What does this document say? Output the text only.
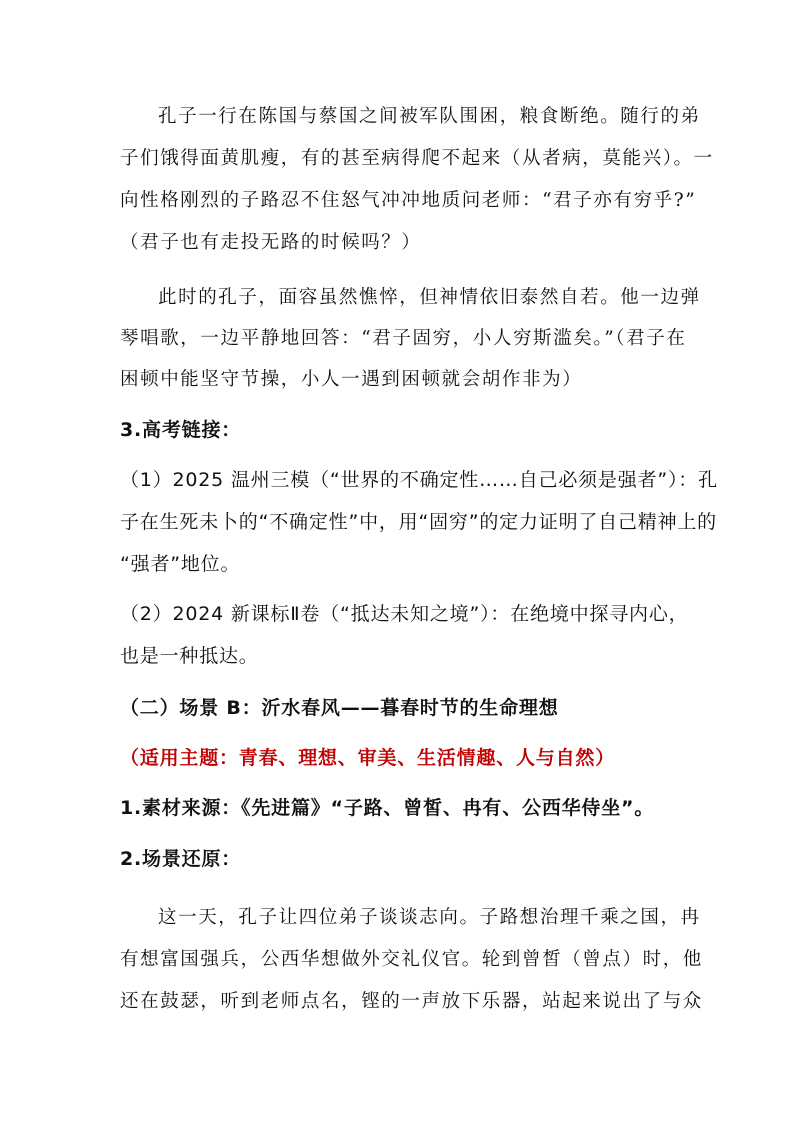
孔子一行在陈国与蔡国之间被军队围困，粮食断绝。随行的弟
子们饿得面黄肌瘦，有的甚至病得爬不起来（从者病，莫能兴）。一
向性格刚烈的子路忍不住怒气冲冲地质问老师：“君子亦有穷乎?”
（君子也有走投无路的时候吗？）
此时的孔子，面容虽然憔悴，但神情依旧泰然自若。他一边弹
琴唱歌，一边平静地回答：“君子固穷，小人穷斯滥矣。”（君子在
困顿中能坚守节操，小人一遇到困顿就会胡作非为）
3.高考链接：
（1）2025 温州三模（“世界的不确定性……自己必须是强者”）：孔
子在生死未卜的“不确定性”中，用“固穷”的定力证明了自己精神上的
“强者”地位。
（2）2024 新课标Ⅱ卷（“抵达未知之境”）：在绝境中探寻内心，
也是一种抵达。
（二）场景 B：沂水春风——暮春时节的生命理想
（适用主题：青春、理想、审美、生活情趣、人与自然）
1.素材来源：《先进篇》“子路、曾皙、冉有、公西华侍坐”。
2.场景还原：
这一天，孔子让四位弟子谈谈志向。子路想治理千乘之国，冉
有想富国强兵，公西华想做外交礼仪官。轮到曾皙（曾点）时，他
还在鼓瑟，听到老师点名，铿的一声放下乐器，站起来说出了与众
